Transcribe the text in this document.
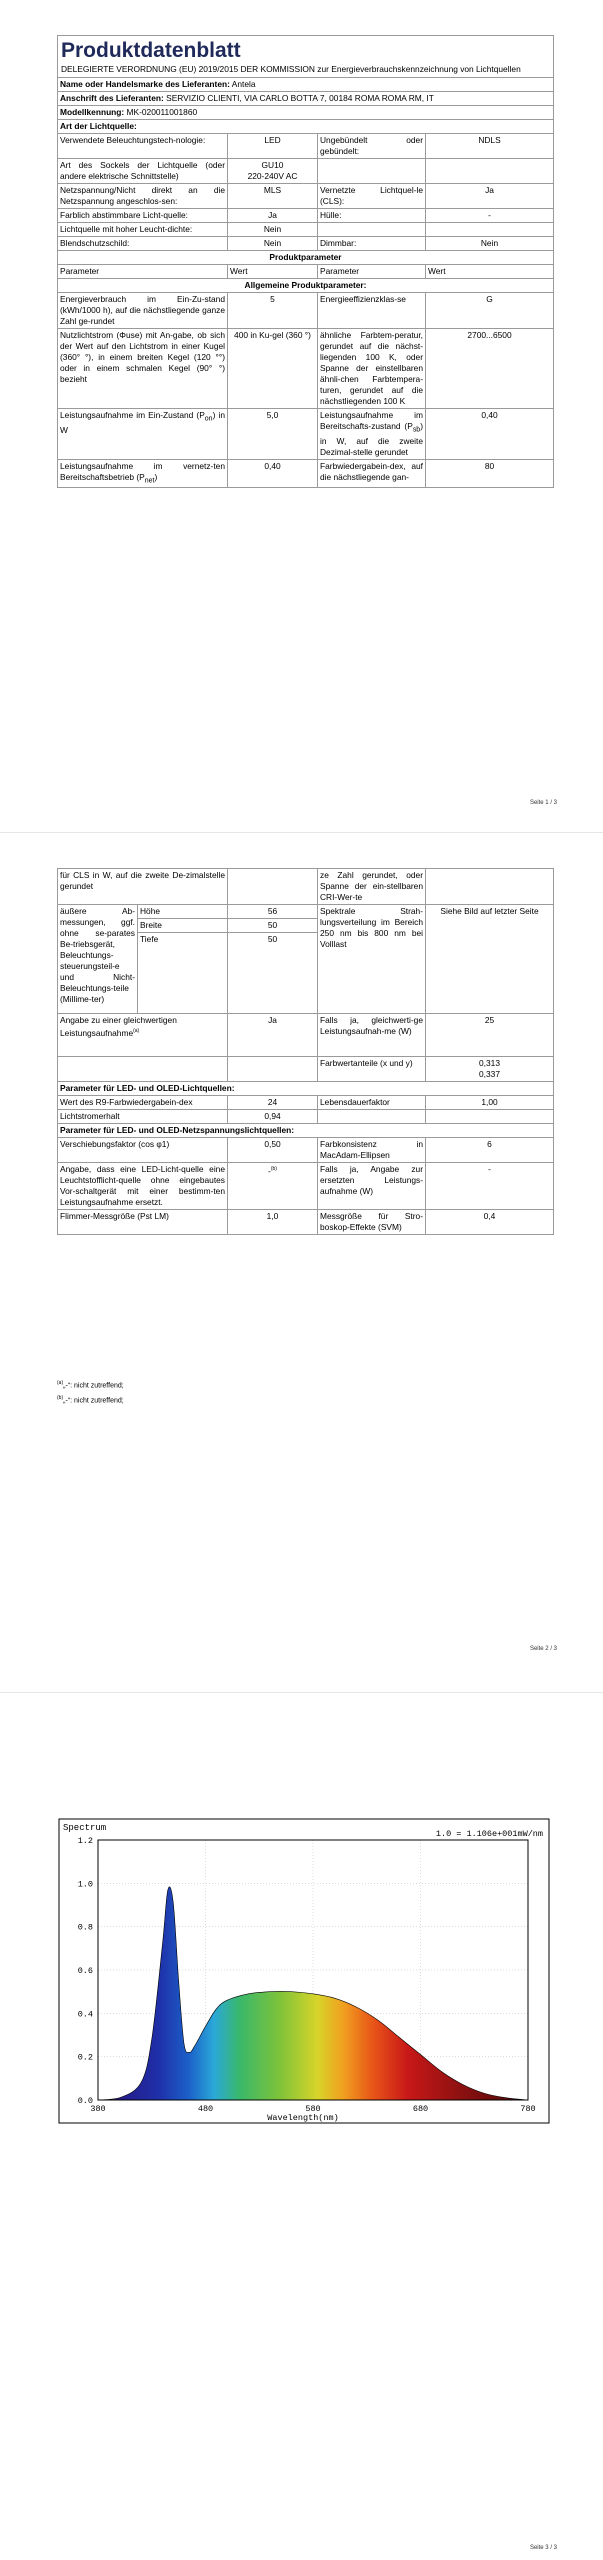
Produktdatenblatt
DELEGIERTE VERORDNUNG (EU) 2019/2015 DER KOMMISSION zur Energieverbrauchskennzeichnung von Lichtquellen			

Name oder Handelsmarke des Lieferanten: Antela			
Anschrift des Lieferanten: SERVIZIO CLIENTI, VIA CARLO BOTTA 7, 00184 ROMA ROMA RM, IT			
Modellkennung: MK-020011001860			
Art der Lichtquelle:			
Verwendete Beleuchtungstech-nologie:	LED	Ungebündelt oder gebündelt:	NDLS
Art des Sockels der Lichtquelle (oder andere elektrische Schnittstelle)	GU10
220-240V AC		

Netzspannung/Nicht direkt an die Netzspannung angeschlos-sen:	MLS	Vernetzte Lichtquel-le (CLS):	Ja
Farblich abstimmbare Licht-quelle:	Ja	Hülle:	-
Lichtquelle mit hoher Leucht-dichte:	Nein		
Blendschutzschild:	Nein	Dimmbar:	Nein
Produktparameter			
Parameter	Wert	Parameter	Wert
Allgemeine Produktparameter:			
Energieverbrauch im Ein-Zu-stand (kWh/1000 h), auf die nächstliegende ganze Zahl ge-rundet	5	Energieeffizienzklas-se	G
Nutzlichtstrom (Φuse) mit An-gabe, ob sich der Wert auf den Lichtstrom in einer Kugel (360° °), in einem breiten Kegel (120 °°) oder in einem schmalen Kegel (90° °) bezieht	400 in Ku-gel (360 °)	ähnliche Farbtem-peratur, gerundet auf die nächst-liegenden 100 K, oder Spanne der einstellbaren ähnli-chen Farbtempera-turen, gerundet auf die nächstliegenden 100 K	2700...6500
Leistungsaufnahme im Ein-Zustand $(P_{on})$ in W	5,0	Leistungsaufnahme im Bereitschafts-zustand $(P_{sb})$ in W, auf die zweite Dezimal-stelle gerundet	0,40
Leistungsaufnahme im vernetz-ten Bereitschaftsbetrieb $(P_{net})$	0,40	Farbwiedergabein-dex, auf die nächstliegende gan-	80
Seite 1 / 3
für CLS in W, auf die zweite De-zimalstelle gerundet			ze Zahl gerundet, oder Spanne der ein-stellbaren CRI-Wer-te	
äußere Ab-messungen, ggf. ohne se-parates Be-triebsgerät, Beleuchtungs-steuerungsteil-e und Nicht-Beleuchtungs-teile (Millime-ter)	Höhe	56	Spektrale Strah-lungsverteilung im Bereich 250 nm bis 800 nm bei Volllast	Siehe Bild auf letzter Seite
	Breite	50		
	Tiefe	50		
Angabe zu einer gleichwertigen Leistungsaufnahme$^{(a)}$		Ja	Falls ja, gleichwerti-ge Leistungsaufnah-me (W)	25
			Farbwertanteile (x und y)	0,313
0,337

Parameter für LED- und OLED-Lichtquellen:				
Wert des R9-Farbwiedergabein-dex		24	Lebensdauerfaktor	1,00
Lichtstromerhalt		0,94		
Parameter für LED- und OLED-Netzspannungslichtquellen:				
Verschiebungsfaktor (cos φ1)		0,50	Farbkonsistenz in MacAdam-Ellipsen	6
Angabe, dass eine LED-Licht-quelle eine Leuchtstofflicht-quelle ohne eingebautes Vor-schaltgerät mit einer bestimm-ten Leistungsaufnahme ersetzt.		-$^{(b)}$	Falls ja, Angabe zur ersetzten Leistungs-aufnahme (W)	-
Flimmer-Messgröße (Pst LM)		1,0	Messgröße für Stro-boskop-Effekte (SVM)	0,4
$^{(a)}$„-“: nicht zutreffend;
$^{(b)}$„-“: nicht zutreffend;
Seite 2 / 3
Seite 3 / 3
0.0
0.2
0.4
0.6
0.8
1.0
1.2
380	480	580	680	780
Spectrum
1.0 = 1.106e+001mW/nm
Wavelength(nm)
